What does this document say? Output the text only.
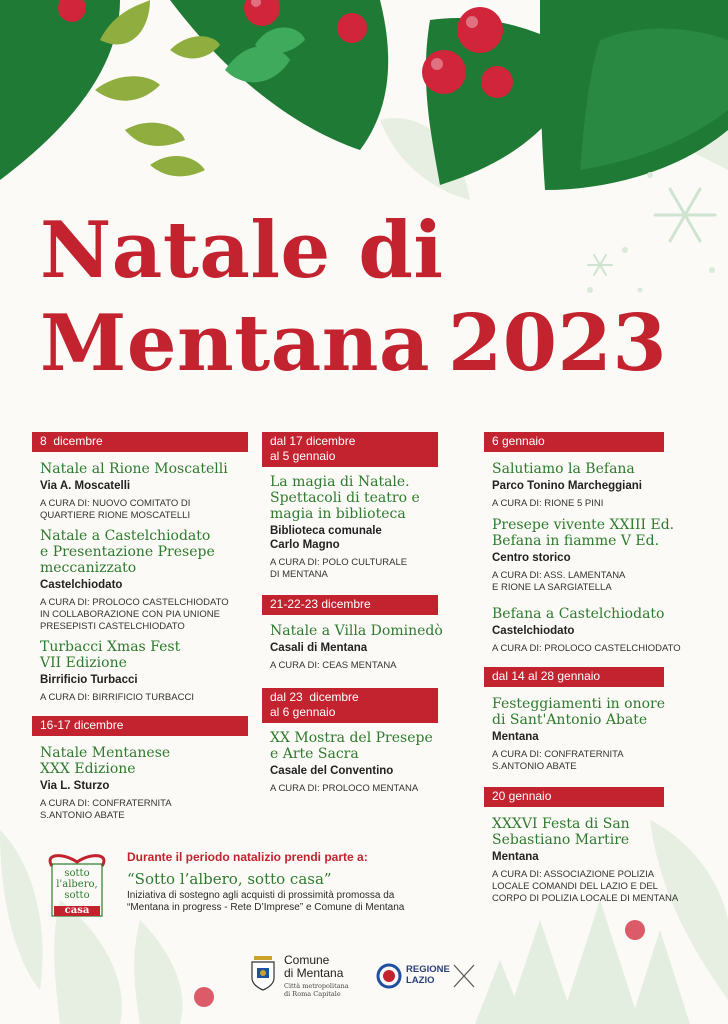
Natale di
Mentana 2023
8  dicembre
Natale al Rione Moscatelli
Via A. Moscatelli
A CURA DI: NUOVO COMITATO DI
QUARTIERE RIONE MOSCATELLI
Natale a Castelchiodato
e Presentazione Presepe
meccanizzato
Castelchiodato
A CURA DI: PROLOCO CASTELCHIODATO
IN COLLABORAZIONE CON PIA UNIONE
PRESEPISTI CASTELCHIODATO
Turbacci Xmas Fest
VII Edizione
Birrificio Turbacci
A CURA DI: BIRRIFICIO TURBACCI
16-17 dicembre
Natale Mentanese
XXX Edizione
Via L. Sturzo
A CURA DI: CONFRATERNITA
S.ANTONIO ABATE
dal 17 dicembre
al 5 gennaio
La magia di Natale.
Spettacoli di teatro e
magia in biblioteca
Biblioteca comunale
Carlo Magno
A CURA DI: POLO CULTURALE
DI MENTANA
21-22-23 dicembre
Natale a Villa Dominedò
Casali di Mentana
A CURA DI: CEAS MENTANA
dal 23  dicembre
al 6 gennaio
XX Mostra del Presepe
e Arte Sacra
Casale del Conventino
A CURA DI: PROLOCO MENTANA
6 gennaio
Salutiamo la Befana
Parco Tonino Marcheggiani
A CURA DI: RIONE 5 PINI
Presepe vivente XXIII Ed.
Befana in fiamme V Ed.
Centro storico
A CURA DI: ASS. LAMENTANA
E RIONE LA SARGIATELLA
Befana a Castelchiodato
Castelchiodato
A CURA DI: PROLOCO CASTELCHIODATO
dal 14 al 28 gennaio
Festeggiamenti in onore
di Sant'Antonio Abate
Mentana
A CURA DI: CONFRATERNITA
S.ANTONIO ABATE
20 gennaio
XXXVI Festa di San
Sebastiano Martire
Mentana
A CURA DI: ASSOCIAZIONE POLIZIA
LOCALE COMANDI DEL LAZIO E DEL
CORPO DI POLIZIA LOCALE DI MENTANA
sotto
l'albero,
sotto
casa
Durante il periodo natalizio prendi parte a:
“Sotto l’albero, sotto casa”
Iniziativa di sostegno agli acquisti di prossimità promossa da
“Mentana in progress - Rete D’Imprese” e Comune di Mentana
Comune
di Mentana
Città metropolitana
di Roma Capitale
REGIONE
LAZIO
